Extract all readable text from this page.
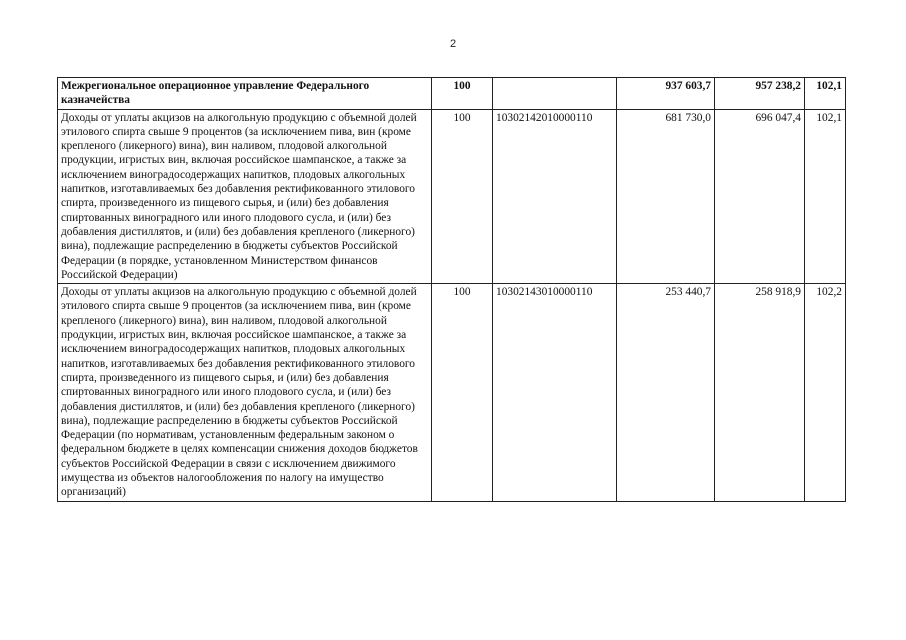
2
Межрегиональное операционное управление Федерального казначейства	100		937 603,7	957 238,2	102,1
Доходы от уплаты акцизов на алкогольную продукцию с объемной долей этилового спирта свыше 9 процентов (за исключением пива, вин (кроме крепленого (ликерного) вина), вин наливом, плодовой алкогольной продукции, игристых вин, включая российское шампанское, а также за исключением виноградосодержащих напитков, плодовых алкогольных напитков, изготавливаемых без добавления ректификованного этилового спирта, произведенного из пищевого сырья, и (или) без добавления спиртованных виноградного или иного плодового сусла, и (или) без добавления дистиллятов, и (или) без добавления крепленого (ликерного) вина), подлежащие распределению в бюджеты субъектов Российской Федерации (в порядке, установленном Министерством финансов Российской Федерации)	100	10302142010000110	681 730,0	696 047,4	102,1
Доходы от уплаты акцизов на алкогольную продукцию с объемной долей этилового спирта свыше 9 процентов (за исключением пива, вин (кроме крепленого (ликерного) вина), вин наливом, плодовой алкогольной продукции, игристых вин, включая российское шампанское, а также за исключением виноградосодержащих напитков, плодовых алкогольных напитков, изготавливаемых без добавления ректификованного этилового спирта, произведенного из пищевого сырья, и (или) без добавления спиртованных виноградного или иного плодового сусла, и (или) без добавления дистиллятов, и (или) без добавления крепленого (ликерного) вина), подлежащие распределению в бюджеты субъектов Российской Федерации (по нормативам, установленным федеральным законом о федеральном бюджете в целях компенсации снижения доходов бюджетов субъектов Российской Федерации в связи с исключением движимого имущества из объектов налогообложения по налогу на имущество организаций)	100	10302143010000110	253 440,7	258 918,9	102,2
